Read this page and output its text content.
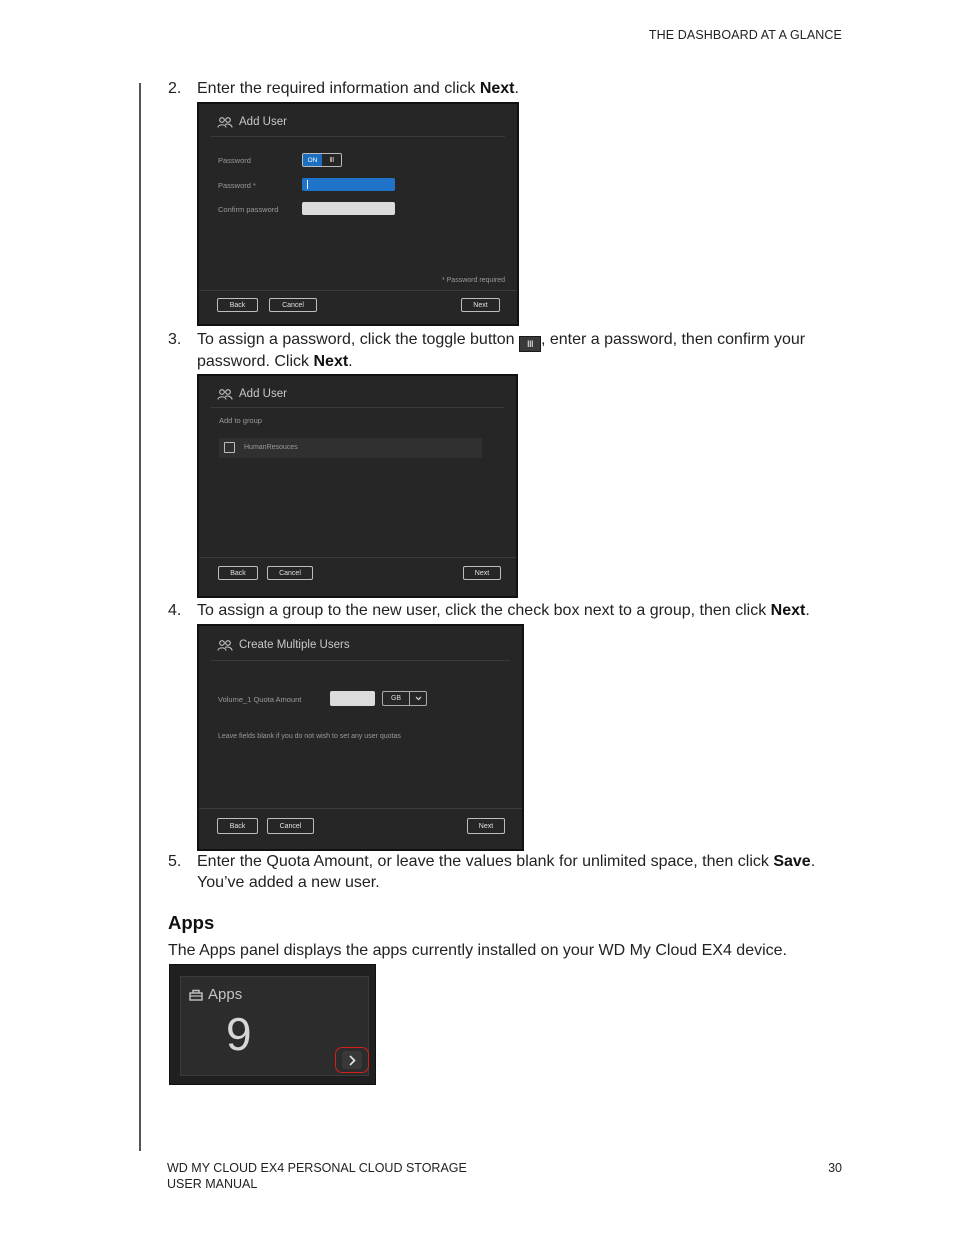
THE DASHBOARD AT A GLANCE
2. Enter the required information and click Next.
Add User
Password	ON	III
Password *
Confirm password
* Password required
Back	Cancel	Next
3. To assign a password, click the toggle button III , enter a password, then confirm your
password. Click Next.
Add User
Add to group
HumanResouces
Back	Cancel	Next
4. To assign a group to the new user, click the check box next to a group, then click Next.
Create Multiple Users
Volume_1 Quota Amount	GB
Leave fields blank if you do not wish to set any user quotas
Back	Cancel	Next
5. Enter the Quota Amount, or leave the values blank for unlimited space, then click Save.
You’ve added a new user.
Apps
The Apps panel displays the apps currently installed on your WD My Cloud EX4 device.
Apps
9
WD MY CLOUD EX4 PERSONAL CLOUD STORAGE
USER MANUAL
30
